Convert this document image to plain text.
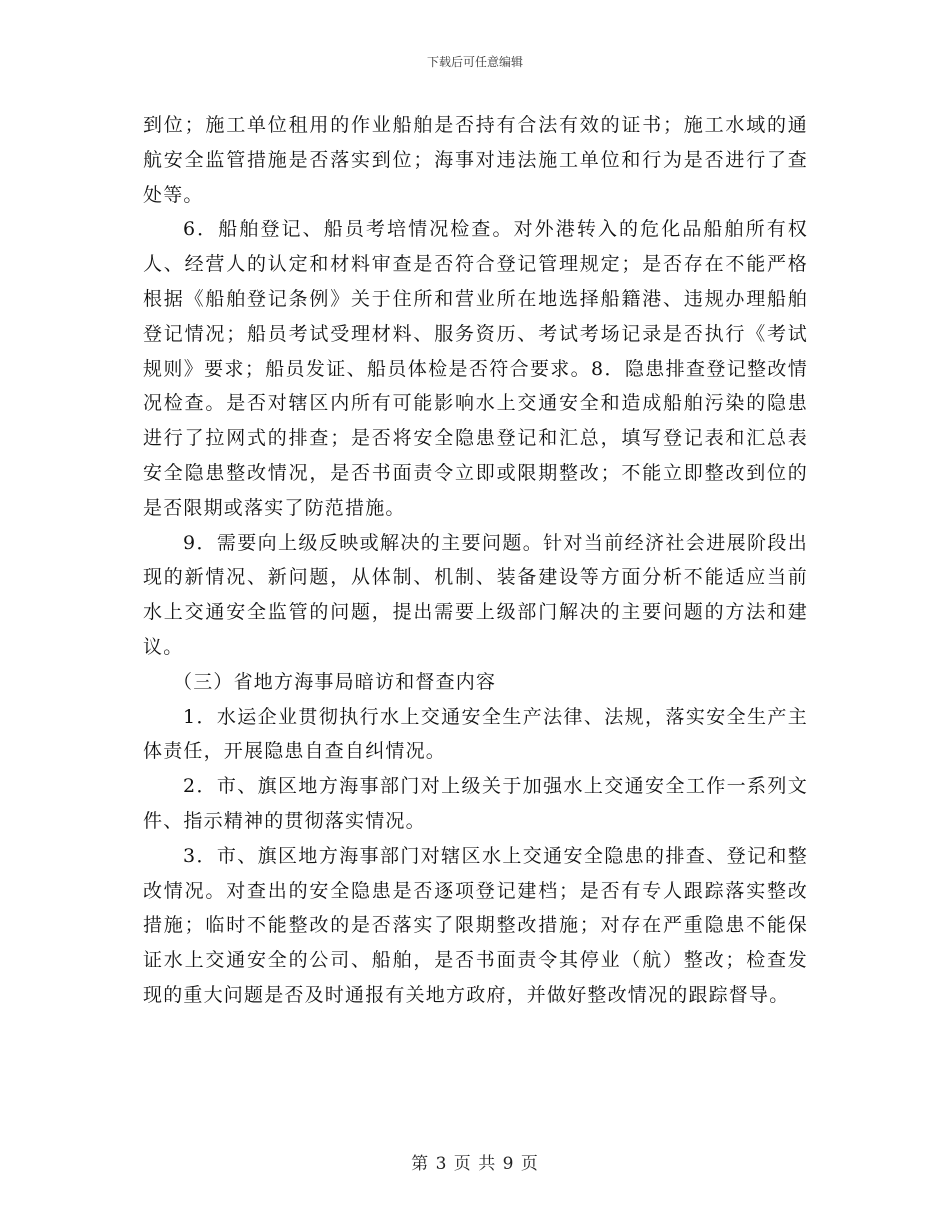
下载后可任意编辑

到位；施工单位租用的作业船舶是否持有合法有效的证书；施工水域的通航安全监管措施是否落实到位；海事对违法施工单位和行为是否进行了查处等。

6．船舶登记、船员考培情况检查。对外港转入的危化品船舶所有权人、经营人的认定和材料审查是否符合登记管理规定；是否存在不能严格根据《船舶登记条例》关于住所和营业所在地选择船籍港、违规办理船舶登记情况；船员考试受理材料、服务资历、考试考场记录是否执行《考试规则》要求；船员发证、船员体检是否符合要求。8．隐患排查登记整改情况检查。是否对辖区内所有可能影响水上交通安全和造成船舶污染的隐患进行了拉网式的排查；是否将安全隐患登记和汇总，填写登记表和汇总表安全隐患整改情况，是否书面责令立即或限期整改；不能立即整改到位的是否限期或落实了防范措施。

9．需要向上级反映或解决的主要问题。针对当前经济社会进展阶段出现的新情况、新问题，从体制、机制、装备建设等方面分析不能适应当前水上交通安全监管的问题，提出需要上级部门解决的主要问题的方法和建议。

（三）省地方海事局暗访和督查内容

1．水运企业贯彻执行水上交通安全生产法律、法规，落实安全生产主体责任，开展隐患自查自纠情况。

2．市、旗区地方海事部门对上级关于加强水上交通安全工作一系列文件、指示精神的贯彻落实情况。

3．市、旗区地方海事部门对辖区水上交通安全隐患的排查、登记和整改情况。对查出的安全隐患是否逐项登记建档；是否有专人跟踪落实整改措施；临时不能整改的是否落实了限期整改措施；对存在严重隐患不能保证水上交通安全的公司、船舶，是否书面责令其停业（航）整改；检查发现的重大问题是否及时通报有关地方政府，并做好整改情况的跟踪督导。

第 3 页 共 9 页
